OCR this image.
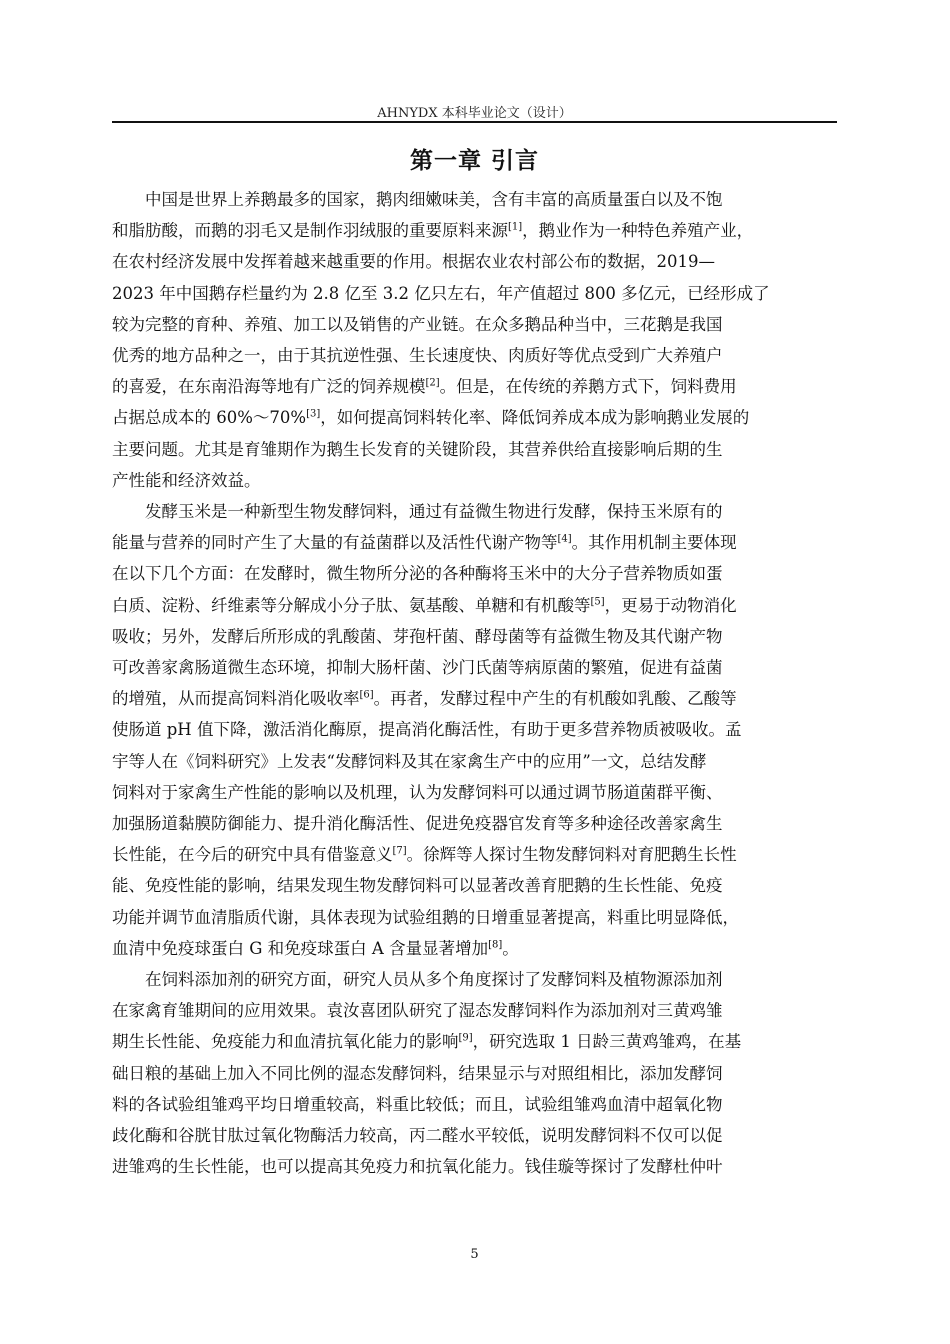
AHNYDX 本科毕业论文（设计）
第一章 引言
中国是世界上养鹅最多的国家，鹅肉细嫩味美，含有丰富的高质量蛋白以及不饱
和脂肪酸，而鹅的羽毛又是制作羽绒服的重要原料来源[1]，鹅业作为一种特色养殖产业，
在农村经济发展中发挥着越来越重要的作用。根据农业农村部公布的数据，2019—
2023 年中国鹅存栏量约为 2.8 亿至 3.2 亿只左右，年产值超过 800 多亿元，已经形成了
较为完整的育种、养殖、加工以及销售的产业链。在众多鹅品种当中，三花鹅是我国
优秀的地方品种之一，由于其抗逆性强、生长速度快、肉质好等优点受到广大养殖户
的喜爱，在东南沿海等地有广泛的饲养规模[2]。但是，在传统的养鹅方式下，饲料费用
占据总成本的 60%～70%[3]，如何提高饲料转化率、降低饲养成本成为影响鹅业发展的
主要问题。尤其是育雏期作为鹅生长发育的关键阶段，其营养供给直接影响后期的生
产性能和经济效益。
发酵玉米是一种新型生物发酵饲料，通过有益微生物进行发酵，保持玉米原有的
能量与营养的同时产生了大量的有益菌群以及活性代谢产物等[4]。其作用机制主要体现
在以下几个方面：在发酵时，微生物所分泌的各种酶将玉米中的大分子营养物质如蛋
白质、淀粉、纤维素等分解成小分子肽、氨基酸、单糖和有机酸等[5]，更易于动物消化
吸收；另外，发酵后所形成的乳酸菌、芽孢杆菌、酵母菌等有益微生物及其代谢产物
可改善家禽肠道微生态环境，抑制大肠杆菌、沙门氏菌等病原菌的繁殖，促进有益菌
的增殖，从而提高饲料消化吸收率[6]。再者，发酵过程中产生的有机酸如乳酸、乙酸等
使肠道 pH 值下降，激活消化酶原，提高消化酶活性，有助于更多营养物质被吸收。孟
宇等人在《饲料研究》上发表“发酵饲料及其在家禽生产中的应用”一文，总结发酵
饲料对于家禽生产性能的影响以及机理，认为发酵饲料可以通过调节肠道菌群平衡、
加强肠道黏膜防御能力、提升消化酶活性、促进免疫器官发育等多种途径改善家禽生
长性能，在今后的研究中具有借鉴意义[7]。徐辉等人探讨生物发酵饲料对育肥鹅生长性
能、免疫性能的影响，结果发现生物发酵饲料可以显著改善育肥鹅的生长性能、免疫
功能并调节血清脂质代谢，具体表现为试验组鹅的日增重显著提高，料重比明显降低，
血清中免疫球蛋白 G 和免疫球蛋白 A 含量显著增加[8]。
在饲料添加剂的研究方面，研究人员从多个角度探讨了发酵饲料及植物源添加剂
在家禽育雏期间的应用效果。袁汝喜团队研究了湿态发酵饲料作为添加剂对三黄鸡雏
期生长性能、免疫能力和血清抗氧化能力的影响[9]，研究选取 1 日龄三黄鸡雏鸡，在基
础日粮的基础上加入不同比例的湿态发酵饲料，结果显示与对照组相比，添加发酵饲
料的各试验组雏鸡平均日增重较高，料重比较低；而且，试验组雏鸡血清中超氧化物
歧化酶和谷胱甘肽过氧化物酶活力较高，丙二醛水平较低，说明发酵饲料不仅可以促
进雏鸡的生长性能，也可以提高其免疫力和抗氧化能力。钱佳璇等探讨了发酵杜仲叶
5
